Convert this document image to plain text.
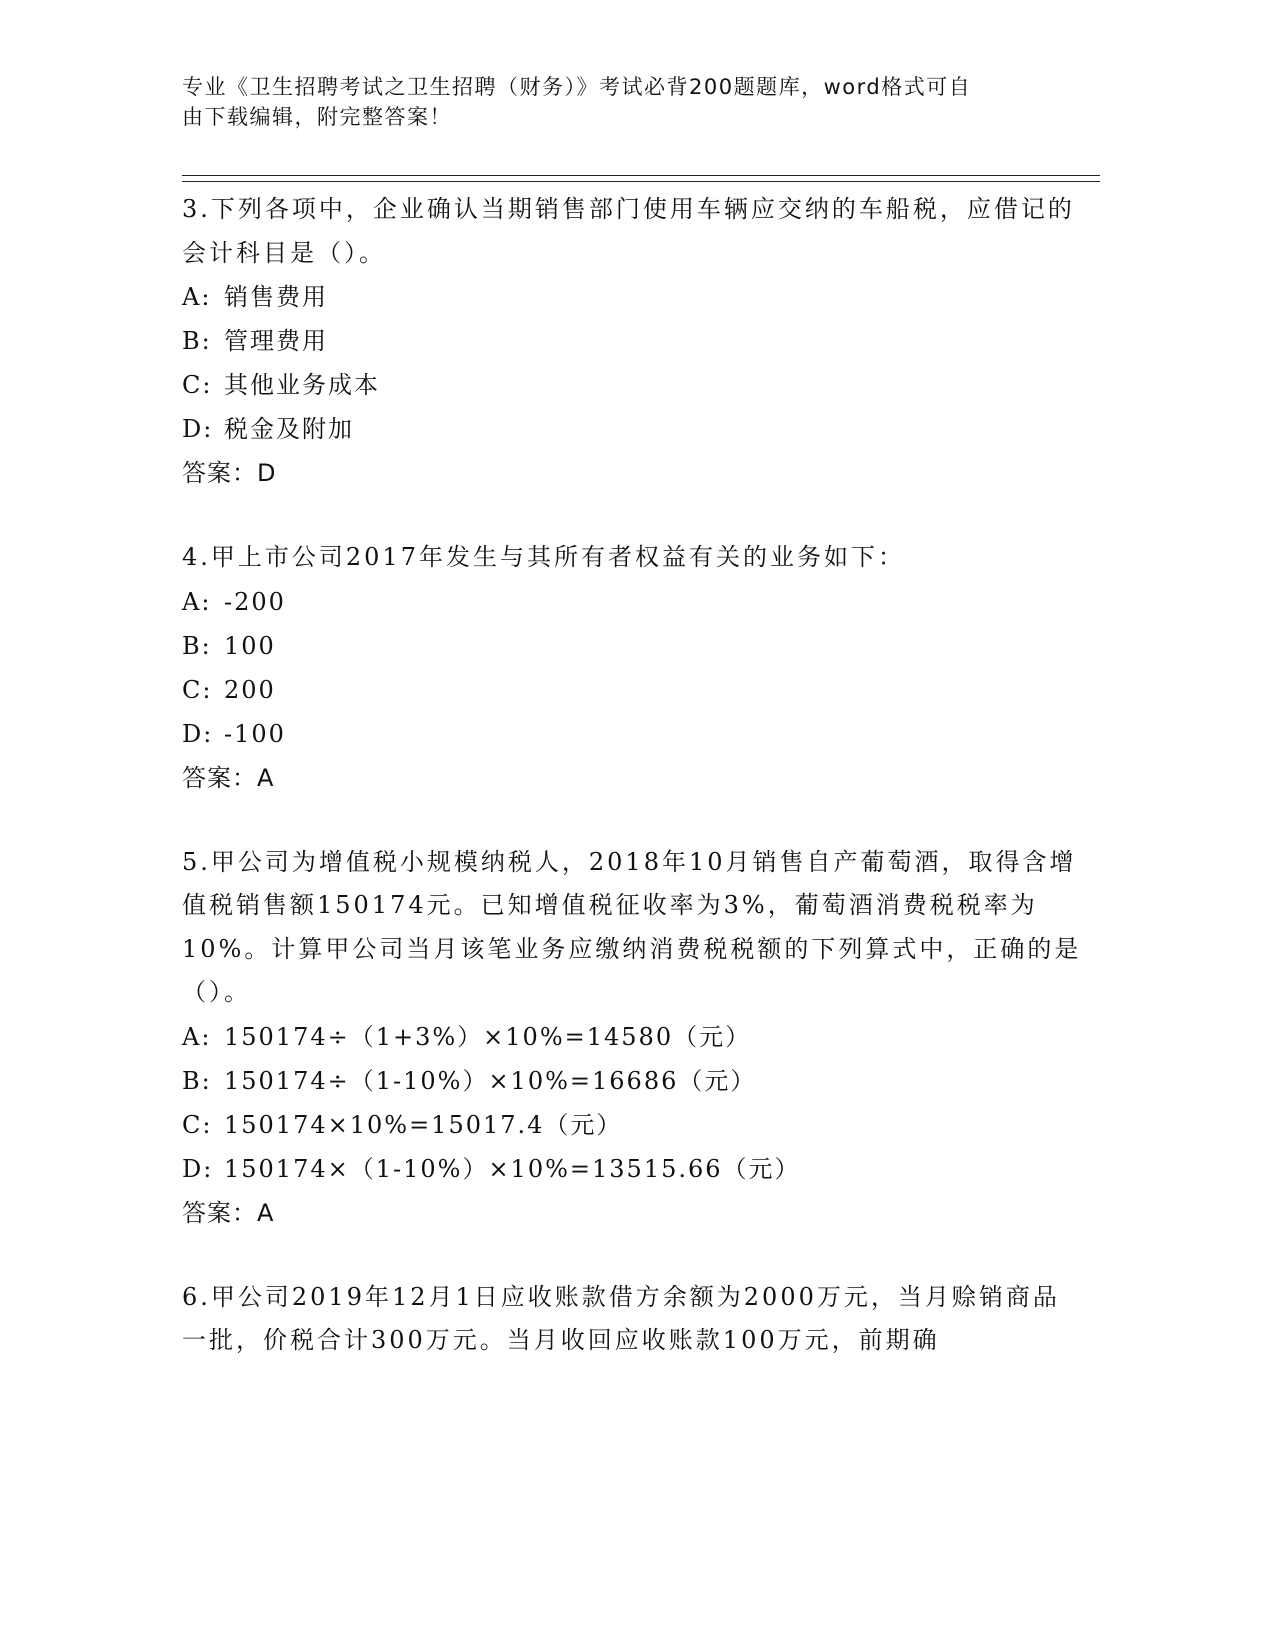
专业《卫生招聘考试之卫生招聘（财务）》考试必背200题题库，word格式可自
由下载编辑，附完整答案！

3.下列各项中，企业确认当期销售部门使用车辆应交纳的车船税，应借记的会计科目是（）。

A: 销售费用
B: 管理费用
C: 其他业务成本
D: 税金及附加

答案：D

4.甲上市公司2017年发生与其所有者权益有关的业务如下：

A: -200
B: 100
C: 200
D: -100

答案：A

5.甲公司为增值税小规模纳税人，2018年10月销售自产葡萄酒，取得含增值税销售额150174元。已知增值税征收率为3%，葡萄酒消费税税率为10%。计算甲公司当月该笔业务应缴纳消费税税额的下列算式中，正确的是（）。

A: 150174÷（1+3%）×10%=14580（元）
B: 150174÷（1-10%）×10%=16686（元）
C: 150174×10%=15017.4（元）
D: 150174×（1-10%）×10%=13515.66（元）

答案：A

6.甲公司2019年12月1日应收账款借方余额为2000万元，当月赊销商品一批，价税合计300万元。当月收回应收账款100万元，前期确
